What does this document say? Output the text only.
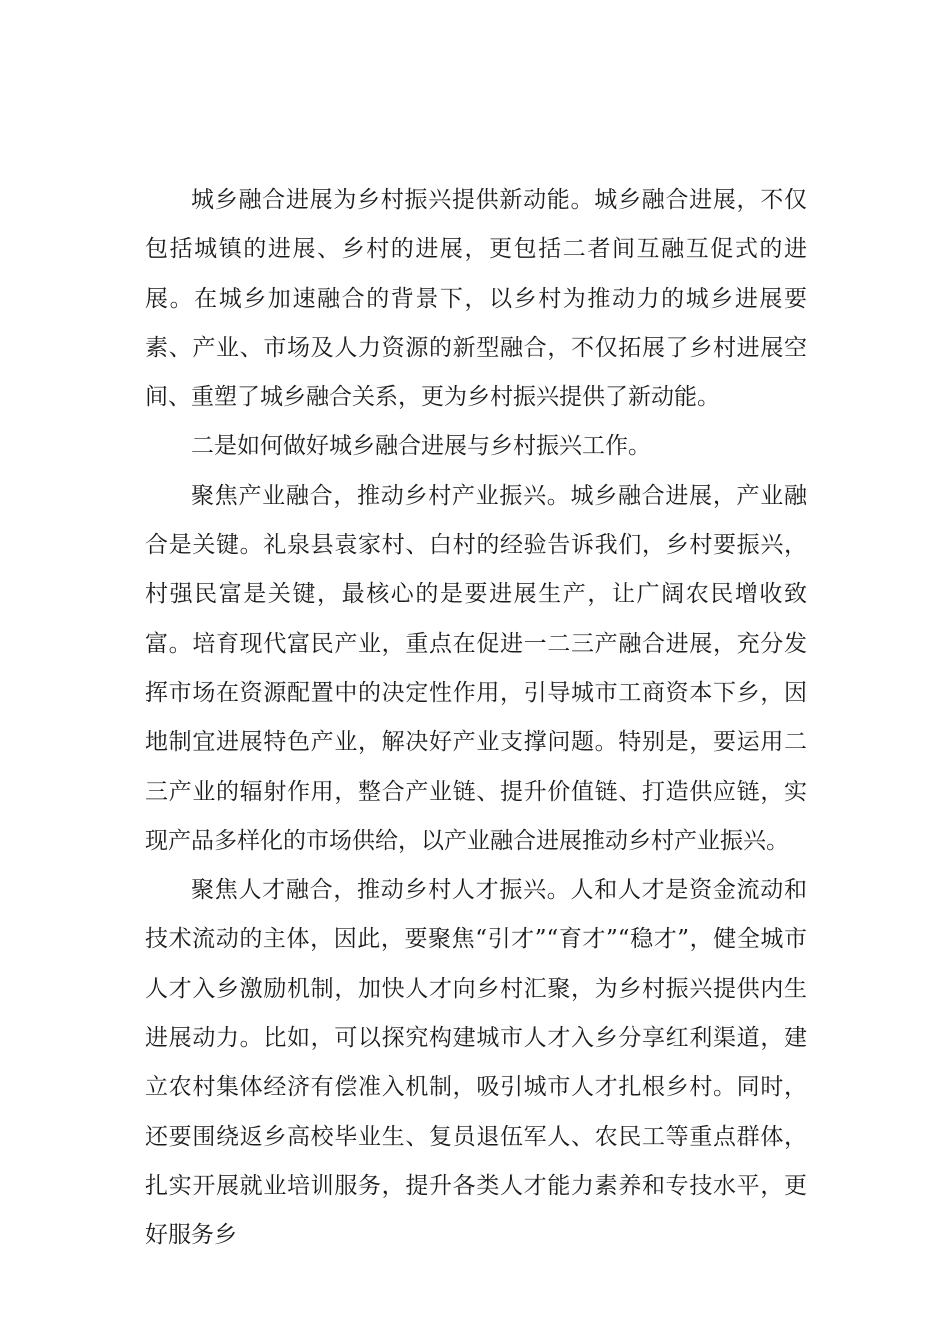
城乡融合进展为乡村振兴提供新动能。城乡融合进展，不仅包括城镇的进展、乡村的进展，更包括二者间互融互促式的进展。在城乡加速融合的背景下，以乡村为推动力的城乡进展要素、产业、市场及人力资源的新型融合，不仅拓展了乡村进展空间、重塑了城乡融合关系，更为乡村振兴提供了新动能。

二是如何做好城乡融合进展与乡村振兴工作。

聚焦产业融合，推动乡村产业振兴。城乡融合进展，产业融合是关键。礼泉县袁家村、白村的经验告诉我们，乡村要振兴，村强民富是关键，最核心的是要进展生产，让广阔农民增收致富。培育现代富民产业，重点在促进一二三产融合进展，充分发挥市场在资源配置中的决定性作用，引导城市工商资本下乡，因地制宜进展特色产业，解决好产业支撑问题。特别是，要运用二三产业的辐射作用，整合产业链、提升价值链、打造供应链，实现产品多样化的市场供给，以产业融合进展推动乡村产业振兴。

聚焦人才融合，推动乡村人才振兴。人和人才是资金流动和技术流动的主体，因此，要聚焦“引才”“育才”“稳才”，健全城市人才入乡激励机制，加快人才向乡村汇聚，为乡村振兴提供内生进展动力。比如，可以探究构建城市人才入乡分享红利渠道，建立农村集体经济有偿准入机制，吸引城市人才扎根乡村。同时，还要围绕返乡高校毕业生、复员退伍军人、农民工等重点群体，扎实开展就业培训服务，提升各类人才能力素养和专技水平，更好服务乡
